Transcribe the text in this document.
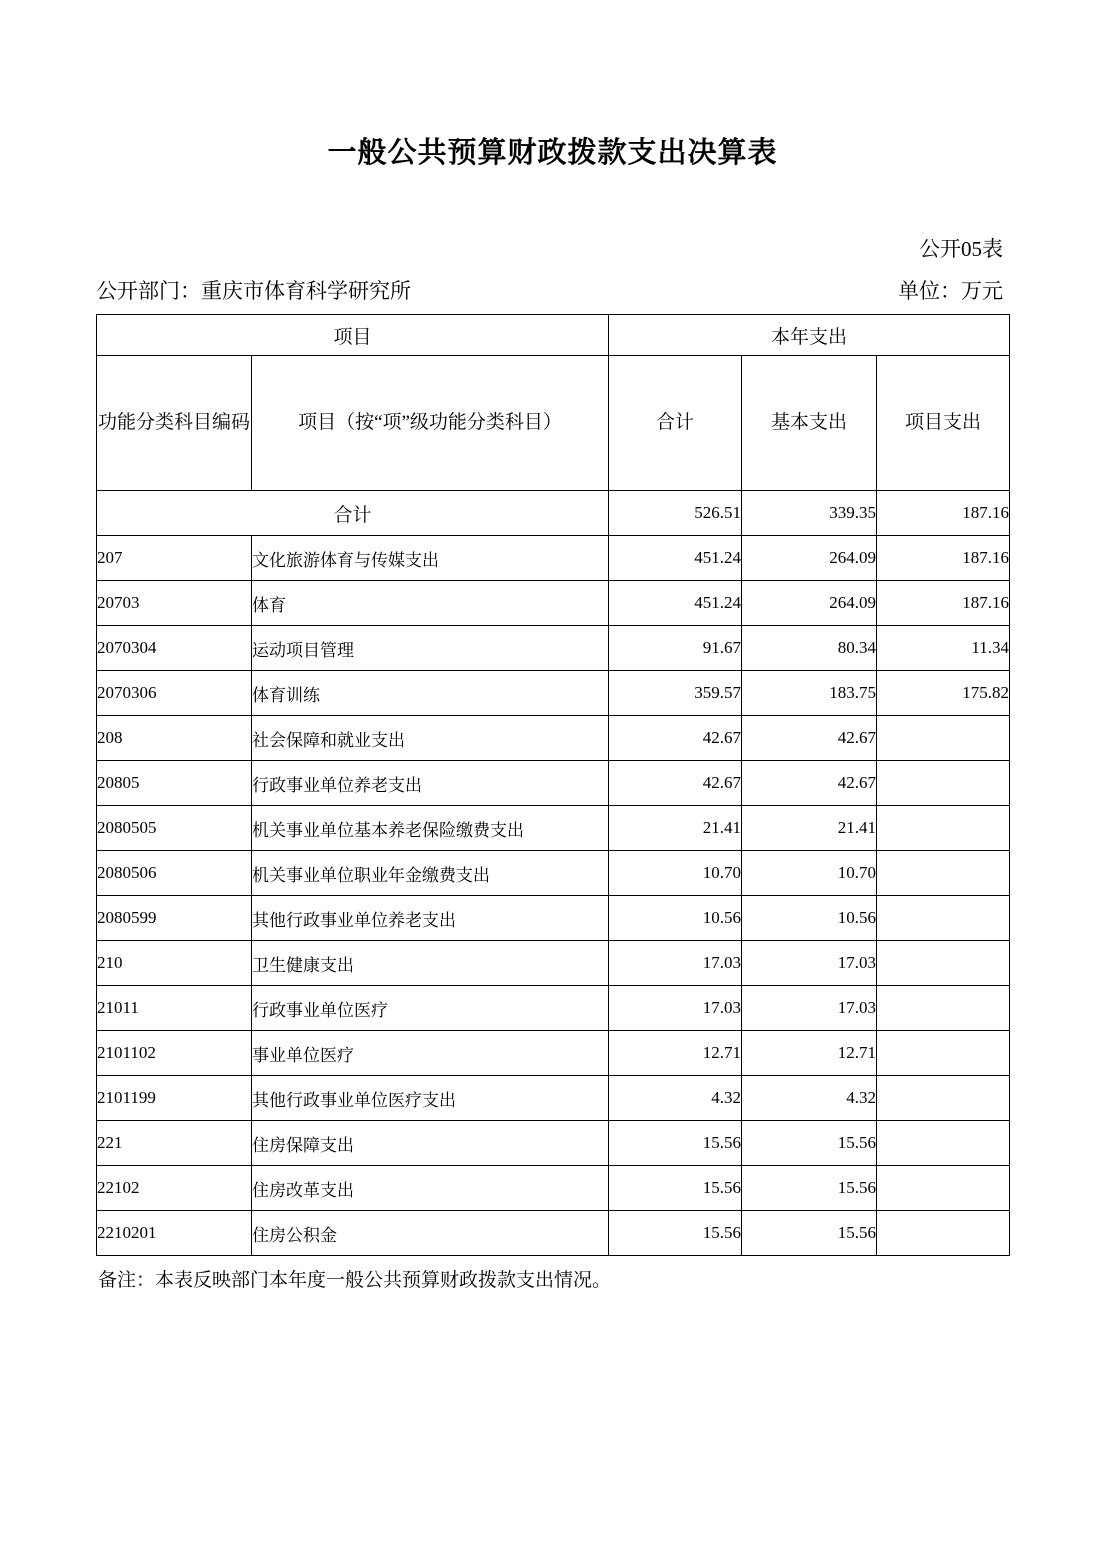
一般公共预算财政拨款支出决算表
公开05表
公开部门：重庆市体育科学研究所	单位：万元
项目		本年支出		
功能分类科目编码	项目（按“项”级功能分类科目）	合计	基本支出	项目支出
合计		526.51	339.35	187.16
207	文化旅游体育与传媒支出	451.24	264.09	187.16
20703	体育	451.24	264.09	187.16
2070304	运动项目管理	91.67	80.34	11.34
2070306	体育训练	359.57	183.75	175.82
208	社会保障和就业支出	42.67	42.67	
20805	行政事业单位养老支出	42.67	42.67	
2080505	机关事业单位基本养老保险缴费支出	21.41	21.41	
2080506	机关事业单位职业年金缴费支出	10.70	10.70	
2080599	其他行政事业单位养老支出	10.56	10.56	
210	卫生健康支出	17.03	17.03	
21011	行政事业单位医疗	17.03	17.03	
2101102	事业单位医疗	12.71	12.71	
2101199	其他行政事业单位医疗支出	4.32	4.32	
221	住房保障支出	15.56	15.56	
22102	住房改革支出	15.56	15.56	
2210201	住房公积金	15.56	15.56	
备注：本表反映部门本年度一般公共预算财政拨款支出情况。
